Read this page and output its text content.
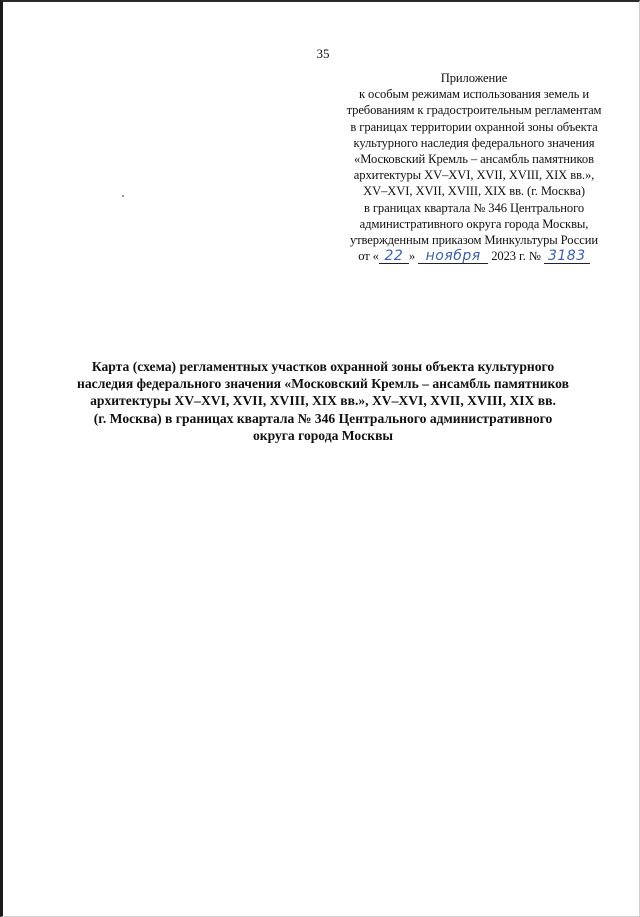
35
Приложение
к особым режимам использования земель и
требованиям к градостроительным регламентам
в границах территории охранной зоны объекта
культурного наследия федерального значения
«Московский Кремль – ансамбль памятников
архитектуры XV–XVI, XVII, XVIII, XIX вв.»,
XV–XVI, XVII, XVIII, XIX вв. (г. Москва)
в границах квартала № 346 Центрального
административного округа города Москвы,
утвержденным приказом Минкультуры России
от « 22 » ноября 2023 г. № 3183
Карта (схема) регламентных участков охранной зоны объекта культурного
наследия федерального значения «Московский Кремль – ансамбль памятников
архитектуры XV–XVI, XVII, XVIII, XIX вв.», XV–XVI, XVII, XVIII, XIX вв.
(г. Москва) в границах квартала № 346 Центрального административного
округа города Москвы
